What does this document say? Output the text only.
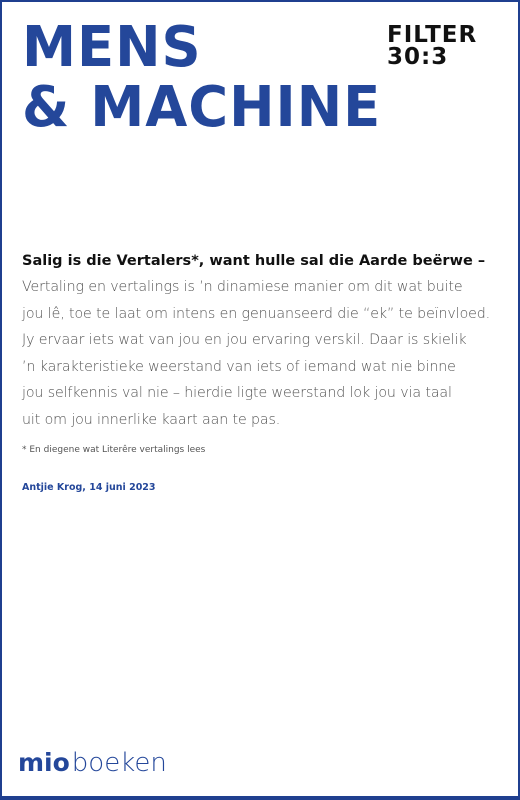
MENS
& MACHINE
FILTER
30:3
Salig is die Vertalers*, want hulle sal die Aarde beërwe –
Vertaling en vertalings is ’n dinamiese manier om dit wat buite
jou lê, toe te laat om intens en genuanseerd die “ek” te beïnvloed.
Jy ervaar iets wat van jou en jou ervaring verskil. Daar is skielik
’n karakteristieke weerstand van iets of iemand wat nie binne
jou selfkennis val nie – hierdie ligte weerstand lok jou via taal
uit om jou innerlike kaart aan te pas.
* En diegene wat Literêre vertalings lees
Antjie Krog, 14 juni 2023
mio boeken
